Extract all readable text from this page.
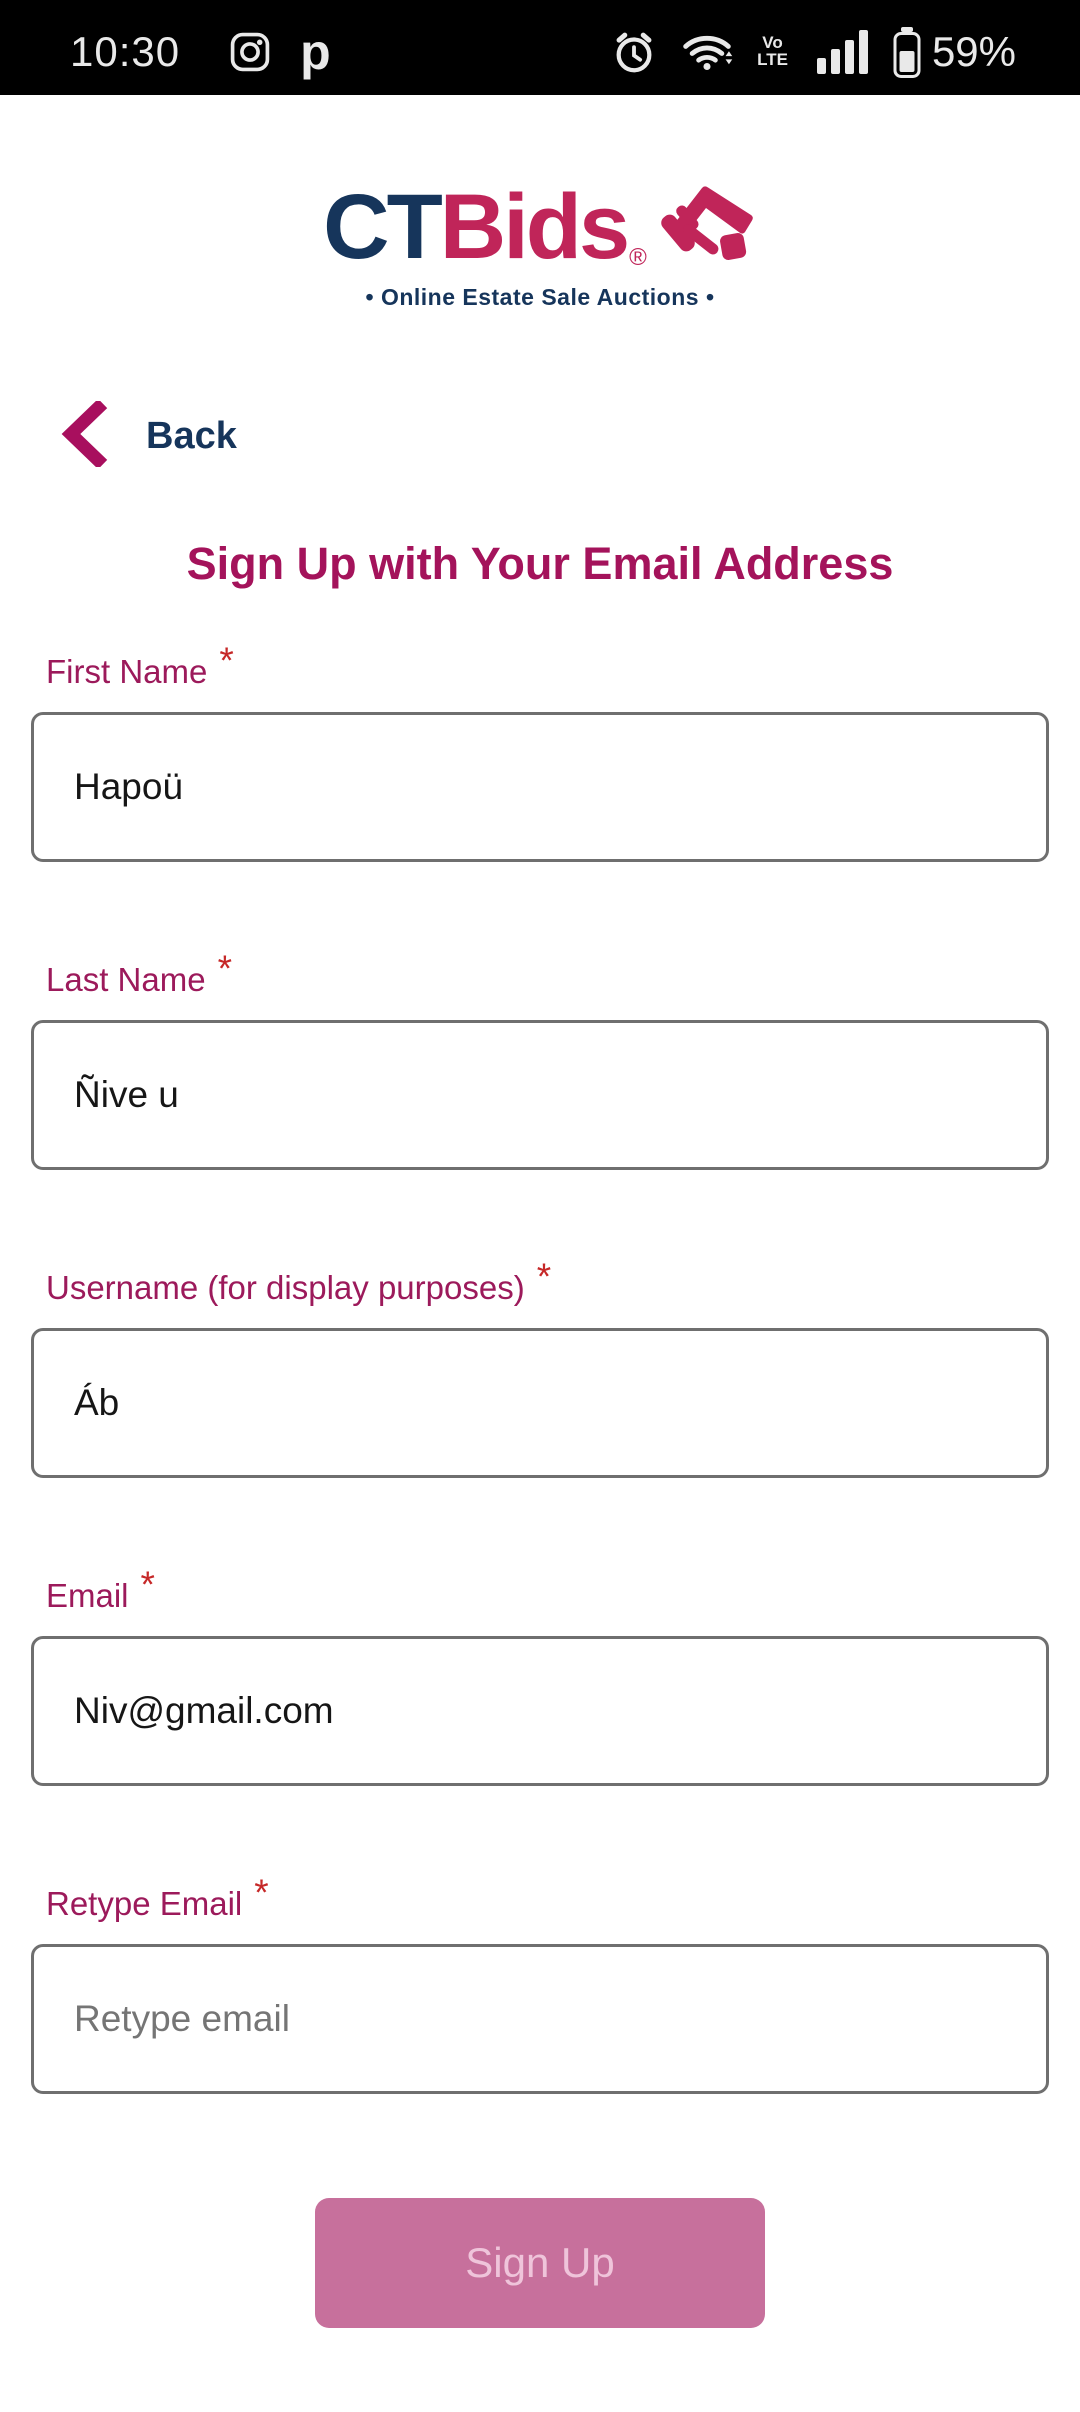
10:30 p	Vo
LTE	59%
CT Bids ®
• Online Estate Sale Auctions •
Back
Sign Up with Your Email Address
First Name *
Hapoü
Last Name *
Ñive u
Username (for display purposes) *
Áb
Email *
Niv@gmail.com
Retype Email *
Retype email
Sign Up
